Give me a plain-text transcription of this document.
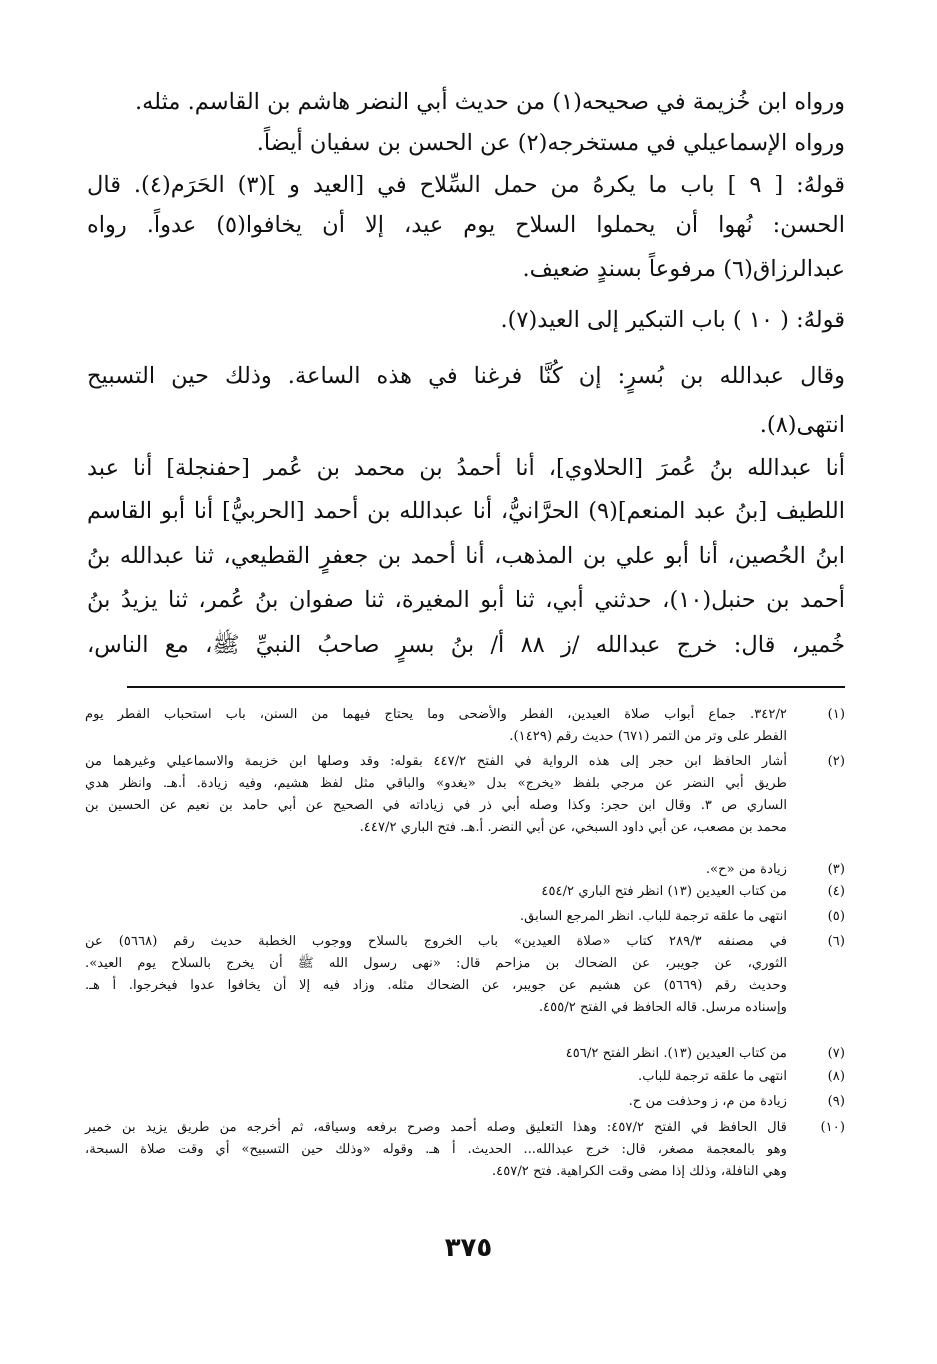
ورواه ابن خُزيمة في صحيحه(١) من حديث أبي النضر هاشم بن القاسم. مثله.
ورواه الإسماعيلي في مستخرجه(٢) عن الحسن بن سفيان أيضاً.
قولهُ: [ ٩ ] باب ما يكرهُ من حمل السِّلاح في [العيد و ](٣) الحَرَم(٤). قال
الحسن: نُهوا أن يحملوا السلاح يوم عيد، إلا أن يخافوا(٥) عدواً. رواه
عبدالرزاق(٦) مرفوعاً بسندٍ ضعيف.
قولهُ: ( ١٠ ) باب التبكير إلى العيد(٧).
وقال عبدالله بن بُسرٍ: إن كُنَّا فرغنا في هذه الساعة. وذلك حين التسبيح
انتهى(٨).
أنا عبدالله بنُ عُمرَ [الحلاوي]، أنا أحمدُ بن محمد بن عُمر [حفنجلة] أنا عبد
اللطيف [بنُ عبد المنعم](٩) الحرَّانيُّ، أنا عبدالله بن أحمد [الحربيُّ] أنا أبو القاسم
ابنُ الحُصين، أنا أبو علي بن المذهب، أنا أحمد بن جعفرٍ القطيعي، ثنا عبدالله بنُ
أحمد بن حنبل(١٠)، حدثني أبي، ثنا أبو المغيرة، ثنا صفوان بنُ عُمر، ثنا يزيدُ بنُ
خُمير، قال: خرج عبدالله /ز ٨٨ أ/ بنُ بسرٍ صاحبُ النبيِّ ﷺ، مع الناس،
(١)
٣٤٢/٢. جماع أبواب صلاة العيدين، الفطر والأضحى وما يحتاج فيهما من السنن، باب استحباب الفطر يوم
الفطر على وتر من التمر (٦٧١) حديث رقم (١٤٢٩).
(٢)
أشار الحافظ ابن حجر إلى هذه الرواية في الفتح ٤٤٧/٢ بقوله: وقد وصلها ابن خزيمة والاسماعيلي وغيرهما من
طريق أبي النضر عن مرجي بلفظ «يخرج» بدل «يغدو» والباقي مثل لفظ هشيم، وفيه زيادة. أ.هـ. وانظر هدي
الساري ص ٣. وقال ابن حجر: وكذا وصله أبي ذر في زياداته في الصحيح عن أبي حامد بن نعيم عن الحسين بن
محمد بن مصعب، عن أبي داود السبخي، عن أبي النضر. أ.هـ. فتح الباري ٤٤٧/٢.
(٣)
زيادة من «ح».
(٤)
من كتاب العيدين (١٣) انظر فتح الباري ٤٥٤/٢
(٥)
انتهى ما علقه ترجمة للباب. انظر المرجع السابق.
(٦)
في مصنفه ٢٨٩/٣ كتاب «صلاة العيدين» باب الخروج بالسلاح ووجوب الخطبة حديث رقم (٥٦٦٨) عن
الثوري، عن جويبر، عن الضحاك بن مزاحم قال: «نهى رسول الله ﷺ أن يخرج بالسلاح يوم العيد».
وحديث رقم (٥٦٦٩) عن هشيم عن جويبر، عن الضحاك مثله. وزاد فيه إلا أن يخافوا عدوا فيخرجوا. أ هـ.
وإسناده مرسل. قاله الحافظ في الفتح ٤٥٥/٢.
(٧)
من كتاب العيدين (١٣). انظر الفتح ٤٥٦/٢
(٨)
انتهى ما علقه ترجمة للباب.
(٩)
زيادة من م، ز وحذفت من ح.
(١٠)
قال الحافظ في الفتح ٤٥٧/٢: وهذا التعليق وصله أحمد وصرح برفعه وسياقه، ثم أخرجه من طريق يزيد بن خمير
وهو بالمعجمة مصغر، قال: خرج عبدالله... الحديث. أ هـ. وقوله «وذلك حين التسبيح» أي وقت صلاة السبحة،
وهي النافلة، وذلك إذا مضى وقت الكراهية. فتح ٤٥٧/٢.
٣٧٥
